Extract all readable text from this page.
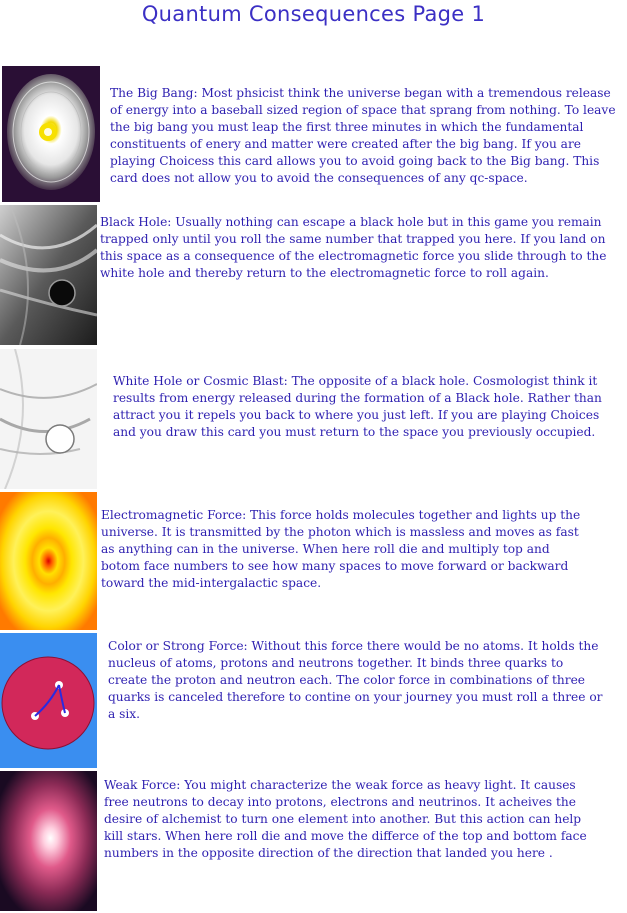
Quantum Consequences Page 1
The Big Bang: Most phsicist think the universe began with a tremendous release of energy into a baseball sized region of space that sprang from nothing. To leave the big bang you must leap the first three minutes in which the fundamental constituents of enery and matter were created after the big bang. If you are playing Choicess this card allows you to avoid going back to the Big bang. This card does not allow you to avoid the consequences of any qc-space.
Black Hole: Usually nothing can escape a black hole but in this game you remain trapped only until you roll the same number that trapped you here. If you land on this space as a consequence of the electromagnetic force you slide through to the white hole and thereby return to the electromagnetic force to roll again.
White Hole or Cosmic Blast: The opposite of a black hole. Cosmologist think it results from energy released during the formation of a Black hole. Rather than attract you it repels you back to where you just left. If you are playing Choices and you draw this card you must return to the space you previously occupied.
Electromagnetic Force: This force holds molecules together and lights up the universe. It is transmitted by the photon which is massless and moves as fast as anything can in the universe. When here roll die and multiply top and botom face numbers to see how many spaces to move forward or backward toward the mid-intergalactic space.
Color or Strong Force: Without this force there would be no atoms. It holds the nucleus of atoms, protons and neutrons together. It binds three quarks to create the proton and neutron each. The color force in combinations of three quarks is canceled therefore to contine on your journey you must roll a three or a six.
Weak Force: You might characterize the weak force as heavy light. It causes free neutrons to decay into protons, electrons and neutrinos. It acheives the desire of alchemist to turn one element into another. But this action can help kill stars. When here roll die and move the differce of the top and bottom face numbers in the opposite direction of the direction that landed you here .
